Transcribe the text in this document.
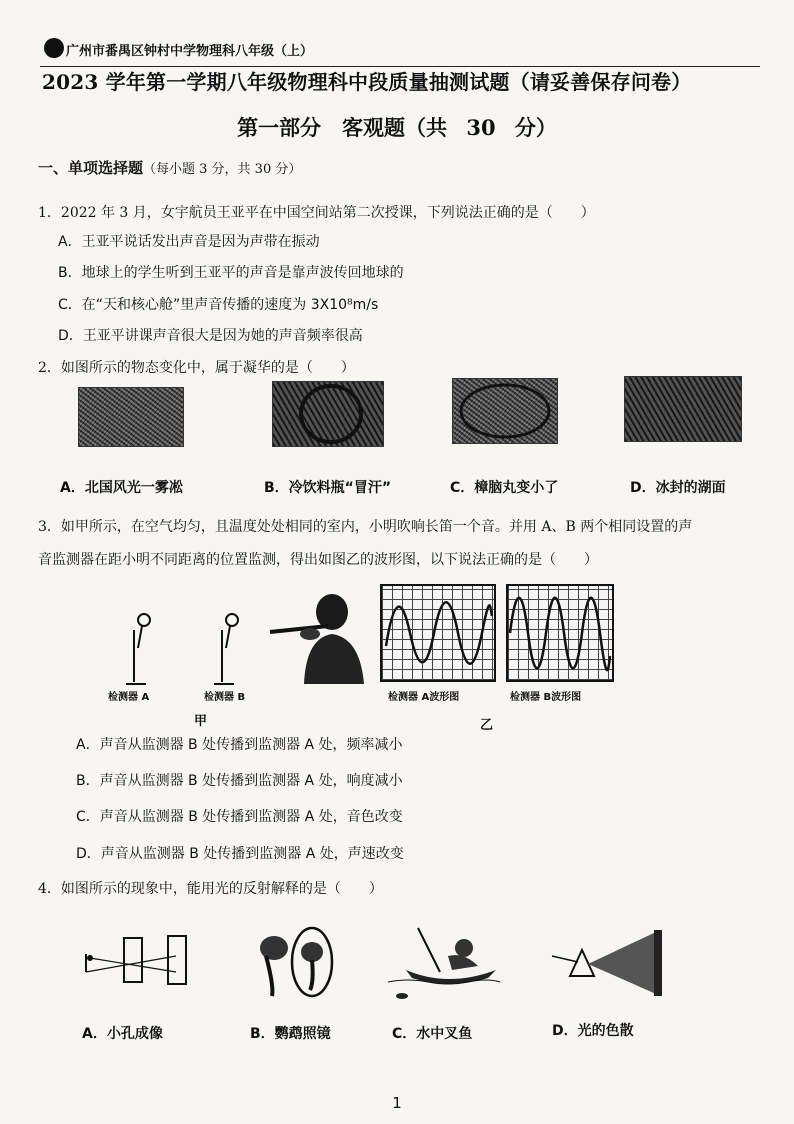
广州市番禺区钟村中学物理科八年级（上）
2023 学年第一学期八年级物理科中段质量抽测试题（请妥善保存问卷）
第一部分　客观题（共 30 分）
一、单项选择题（每小题 3 分，共 30 分）
1．2022 年 3 月，女宇航员王亚平在中国空间站第二次授课，下列说法正确的是（　　）
A．王亚平说话发出声音是因为声带在振动
B．地球上的学生听到王亚平的声音是靠声波传回地球的
C．在“天和核心舱”里声音传播的速度为 3X10⁸m/s
D．王亚平讲课声音很大是因为她的声音频率很高
2．如图所示的物态变化中，属于凝华的是（　　）
A．北国风光一雾凇	B．冷饮料瓶“冒汗”	C．樟脑丸变小了	D．冰封的湖面
3．如甲所示，在空气均匀，且温度处处相同的室内，小明吹响长笛一个音。并用 A、B 两个相同设置的声
音监测器在距小明不同距离的位置监测，得出如图乙的波形图，以下说法正确的是（　　）
检测器 A	检测器 B	检测器 A波形图	检测器 B波形图
甲	乙
A．声音从监测器 B 处传播到监测器 A 处，频率减小
B．声音从监测器 B 处传播到监测器 A 处，响度减小
C．声音从监测器 B 处传播到监测器 A 处，音色改变
D．声音从监测器 B 处传播到监测器 A 处，声速改变
4．如图所示的现象中，能用光的反射解释的是（　　）
A．小孔成像	B．鹦鹉照镜	C．水中叉鱼	D．光的色散
1
